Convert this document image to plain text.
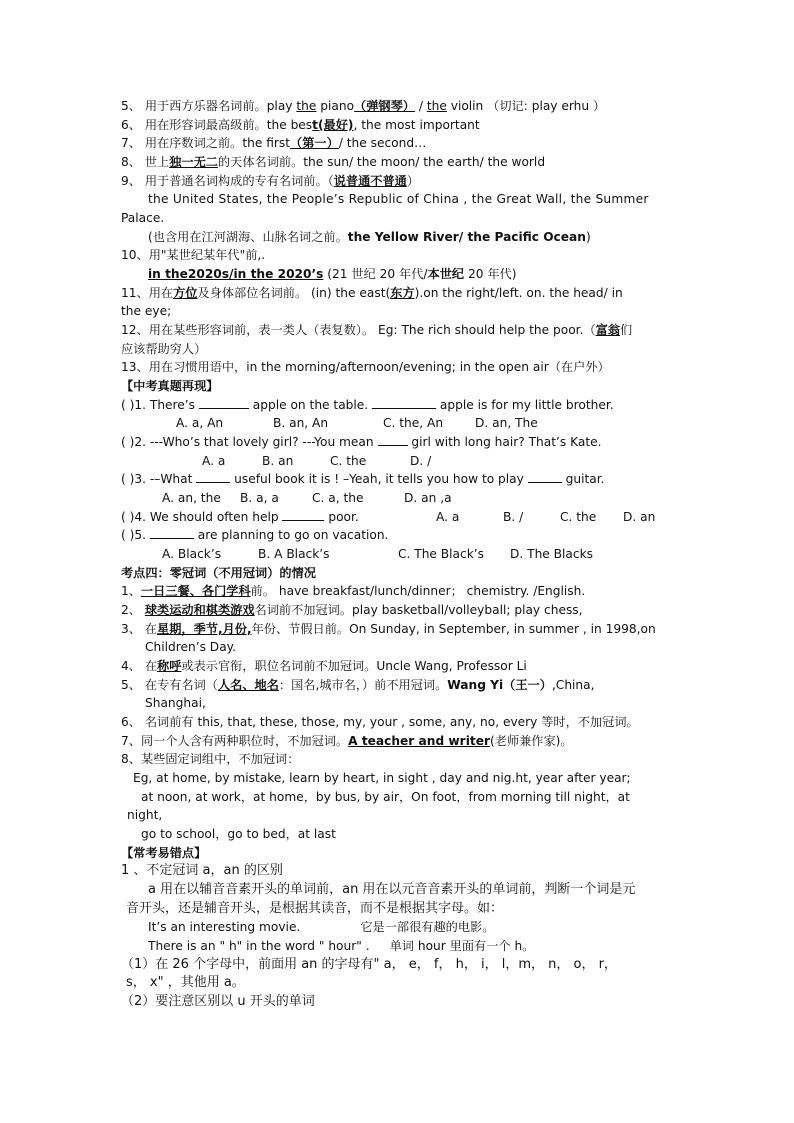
5、 用于西方乐器名词前。play the piano（弹钢琴） / the violin （切记: play erhu ）
6、 用在形容词最高级前。the best(最好), the most important
7、 用在序数词之前。the first（第一）/ the second…
8、 世上独一无二的天体名词前。the sun/ the moon/ the earth/ the world
9、 用于普通名词构成的专有名词前。（说普通不普通）
the United States, the People’s Republic of China , the Great Wall, the Summer
Palace.
(也含用在江河湖海、山脉名词之前。the Yellow River/ the Pacific Ocean)
10、用"某世纪某年代"前,.
in the2020s/in the 2020’s (21 世纪 20 年代/本世纪 20 年代)
11、用在方位及身体部位名词前。 (in) the east(东方).on the right/left. on. the head/ in
the eye;
12、用在某些形容词前，表一类人（表复数）。 Eg: The rich should help the poor.（富翁们
应该帮助穷人）
13、用在习惯用语中，in the morning/afternoon/evening; in the open air（在户外）
【中考真题再现】
( )1. There’s	apple on the table.	apple is for my little brother.
A. a, An	B. an, An	C. the, An	D. an, The
( )2. ---Who’s that lovely girl? ---You mean  girl with long hair? That’s Kate.
A. a	B. an	C. the	D. /
( )3. -–What	useful book it is ! –Yeah, it tells you how to play	guitar.
A. an, the B. a, a	C. a, the	D. an ,a
( )4. We should often help	poor.	A. a	B. /	C. the D. an
( )5.	are planning to go on vacation.
A. Black’s	B. A Black’s	C. The Black’s D. The Blacks
考点四：零冠词（不用冠词）的情况
1、一日三餐、各门学科前。 have breakfast/lunch/dinner； chemistry. /English.
2、 球类运动和棋类游戏名词前不加冠词。play basketball/volleyball; play chess,
3、 在星期，季节,月份,年份、节假日前。On Sunday, in September, in summer , in 1998,on
Children’s Day.
4、 在称呼或表示官衔，职位名词前不加冠词。Uncle Wang, Professor Li
5、 在专有名词（人名、地名：国名,城市名，）前不用冠词。Wang Yi（王一）,China,
Shanghai,
6、 名词前有 this, that, these, those, my, your , some, any, no, every 等时，不加冠词。
7、同一个人含有两种职位时，不加冠词。A teacher and writer(老师兼作家)。
8、某些固定词组中，不加冠词：
Eg, at home, by mistake, learn by heart, in sight , day and nig.ht, year after year;
at noon, at work，at home，by bus, by air，On foot，from morning till night，at
night,
go to school，go to bed，at last
【常考易错点】
1 、不定冠词 a，an 的区别
a 用在以辅音音素开头的单词前，an 用在以元音音素开头的单词前，判断一个词是元
音开头，还是辅音开头，是根据其读音，而不是根据其字母。如：
It’s an interesting movie.	它是一部很有趣的电影。
There is an " h" in the word " hour" . 单词 hour 里面有一个 h。
（1）在 26 个字母中，前面用 an 的字母有" a， e， f， h， i， l，m， n， o， r，
s， x" ，其他用 a。
（2）要注意区别以 u 开头的单词
